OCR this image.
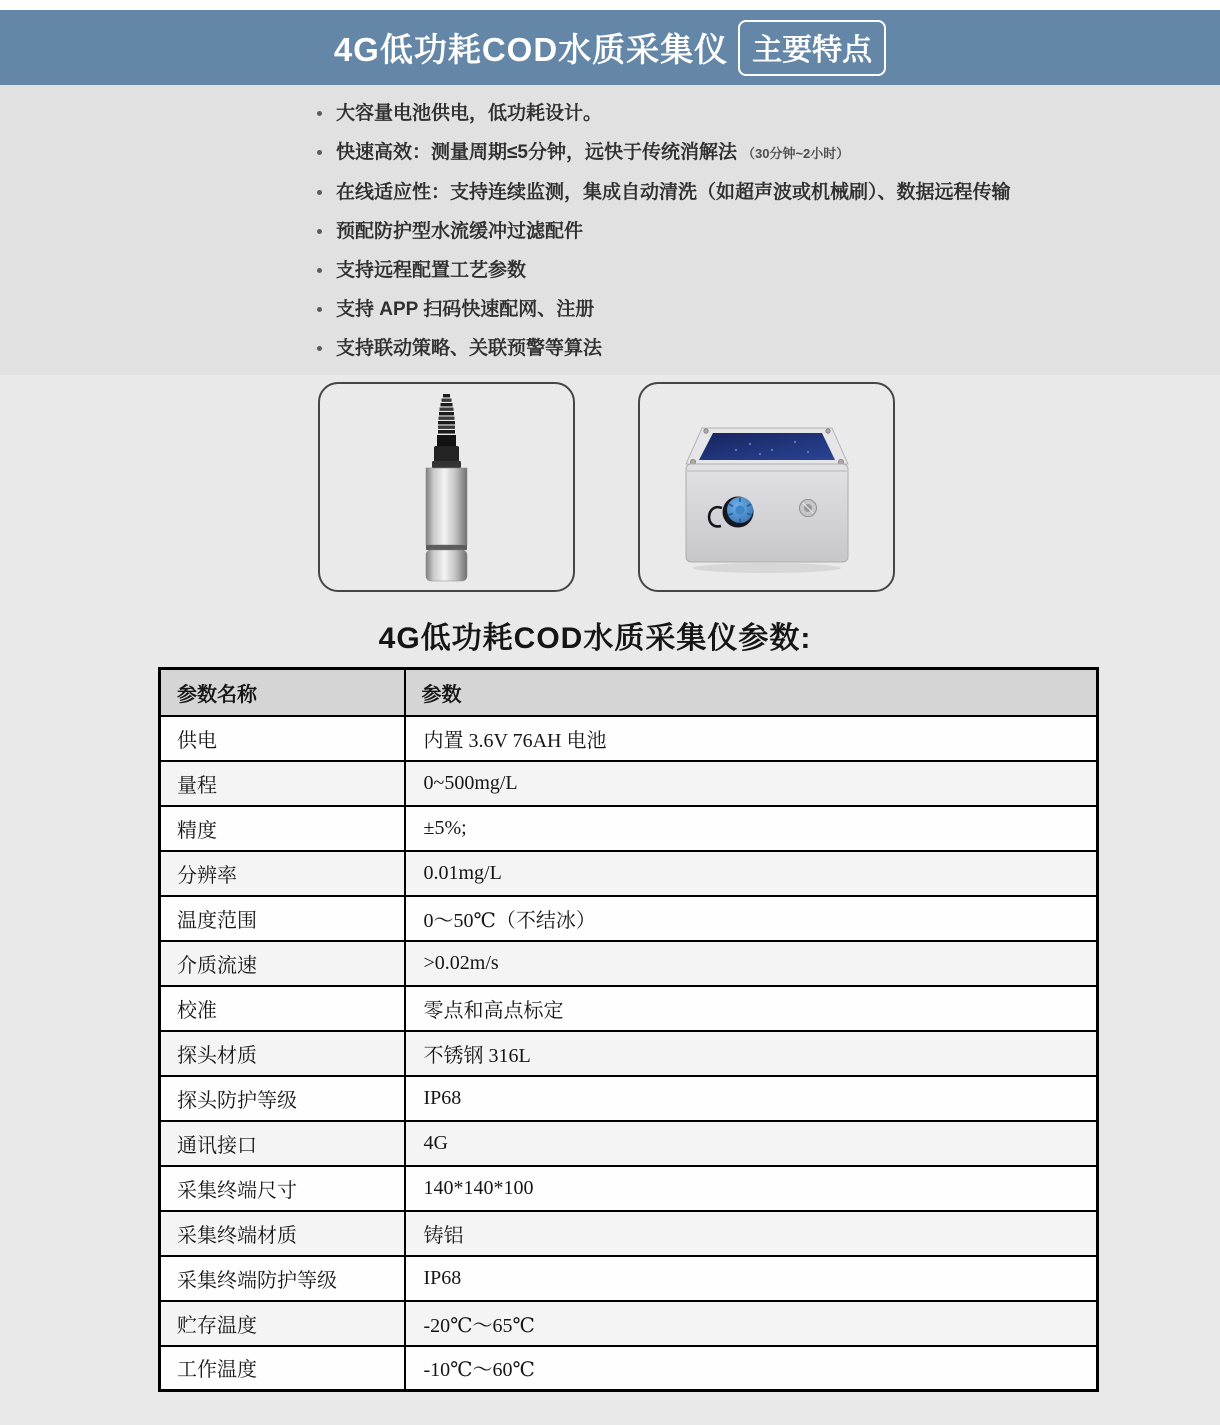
4G低功耗COD水质采集仪 主要特点
大容量电池供电，低功耗设计。
快速高效：测量周期≤5分钟，远快于传统消解法 （30分钟~2小时）
在线适应性：支持连续监测，集成自动清洗（如超声波或机械刷）、数据远程传输
预配防护型水流缓冲过滤配件
支持远程配置工艺参数
支持 APP 扫码快速配网、注册
支持联动策略、关联预警等算法
4G低功耗COD水质采集仪参数:
参数名称	参数
供电	内置 3.6V 76AH 电池
量程	0~500mg/L
精度	±5%;
分辨率	0.01mg/L
温度范围	0～50℃（不结冰）
介质流速	>0.02m/s
校准	零点和高点标定
探头材质	不锈钢 316L
探头防护等级	IP68
通讯接口	4G
采集终端尺寸	140*140*100
采集终端材质	铸铝
采集终端防护等级	IP68
贮存温度	-20℃～65℃
工作温度	-10℃～60℃
